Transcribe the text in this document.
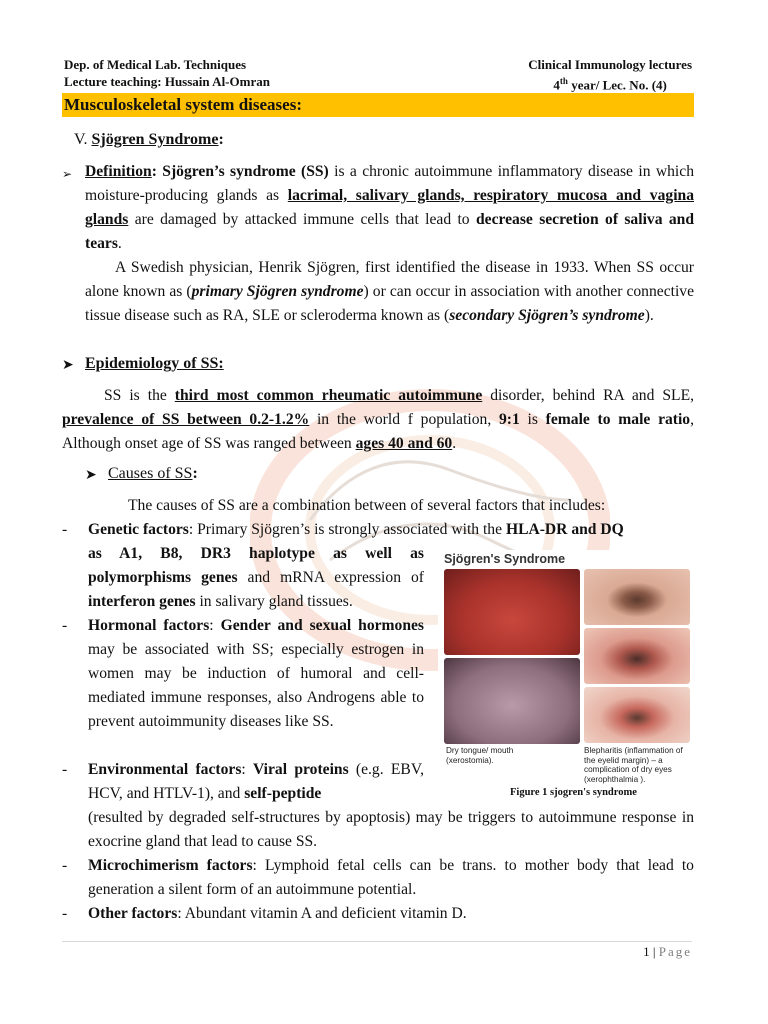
Dep. of Medical Lab. Techniques
Lecture teaching: Hussain Al-Omran
Clinical Immunology lectures
4th year/ Lec. No. (4)
Musculoskeletal system diseases:
V. Sjögren Syndrome:
➢ Definition: Sjögren’s syndrome (SS) is a chronic autoimmune inflammatory disease in which moisture-producing glands as lacrimal, salivary glands, respiratory mucosa and vagina glands are damaged by attacked immune cells that lead to decrease secretion of saliva and tears.
A Swedish physician, Henrik Sjögren, first identified the disease in 1933. When SS occur alone known as (primary Sjögren syndrome) or can occur in association with another connective tissue disease such as RA, SLE or scleroderma known as (secondary Sjögren’s syndrome).
➤ Epidemiology of SS:
SS is the third most common rheumatic autoimmune disorder, behind RA and SLE, prevalence of SS between 0.2-1.2% in the world f population, 9:1 is female to male ratio, Although onset age of SS was ranged between ages 40 and 60.
➤ Causes of SS:
The causes of SS are a combination between of several factors that includes:
- Genetic factors: Primary Sjögren’s is strongly associated with the HLA-DR and DQ
as A1, B8, DR3 haplotype as well as polymorphisms genes and mRNA expression of interferon genes in salivary gland tissues.
- Hormonal factors: Gender and sexual hormones may be associated with SS; especially estrogen in women may be induction of humoral and cell-mediated immune responses, also Androgens able to prevent autoimmunity diseases like SS.
- Environmental factors: Viral proteins (e.g. EBV, HCV, and HTLV-1), and self-peptide
(resulted by degraded self-structures by apoptosis) may be triggers to autoimmune response in exocrine gland that lead to cause SS.
- Microchimerism factors: Lymphoid fetal cells can be trans. to mother body that lead to generation a silent form of an autoimmune potential.
- Other factors: Abundant vitamin A and deficient vitamin D.
Sjögren's Syndrome
Dry tongue/ mouth (xerostomia).
Blepharitis (inflammation of the eyelid margin) – a complication of dry eyes (xerophthalmia ).
Figure 1 sjogren's syndrome
1 | Page
